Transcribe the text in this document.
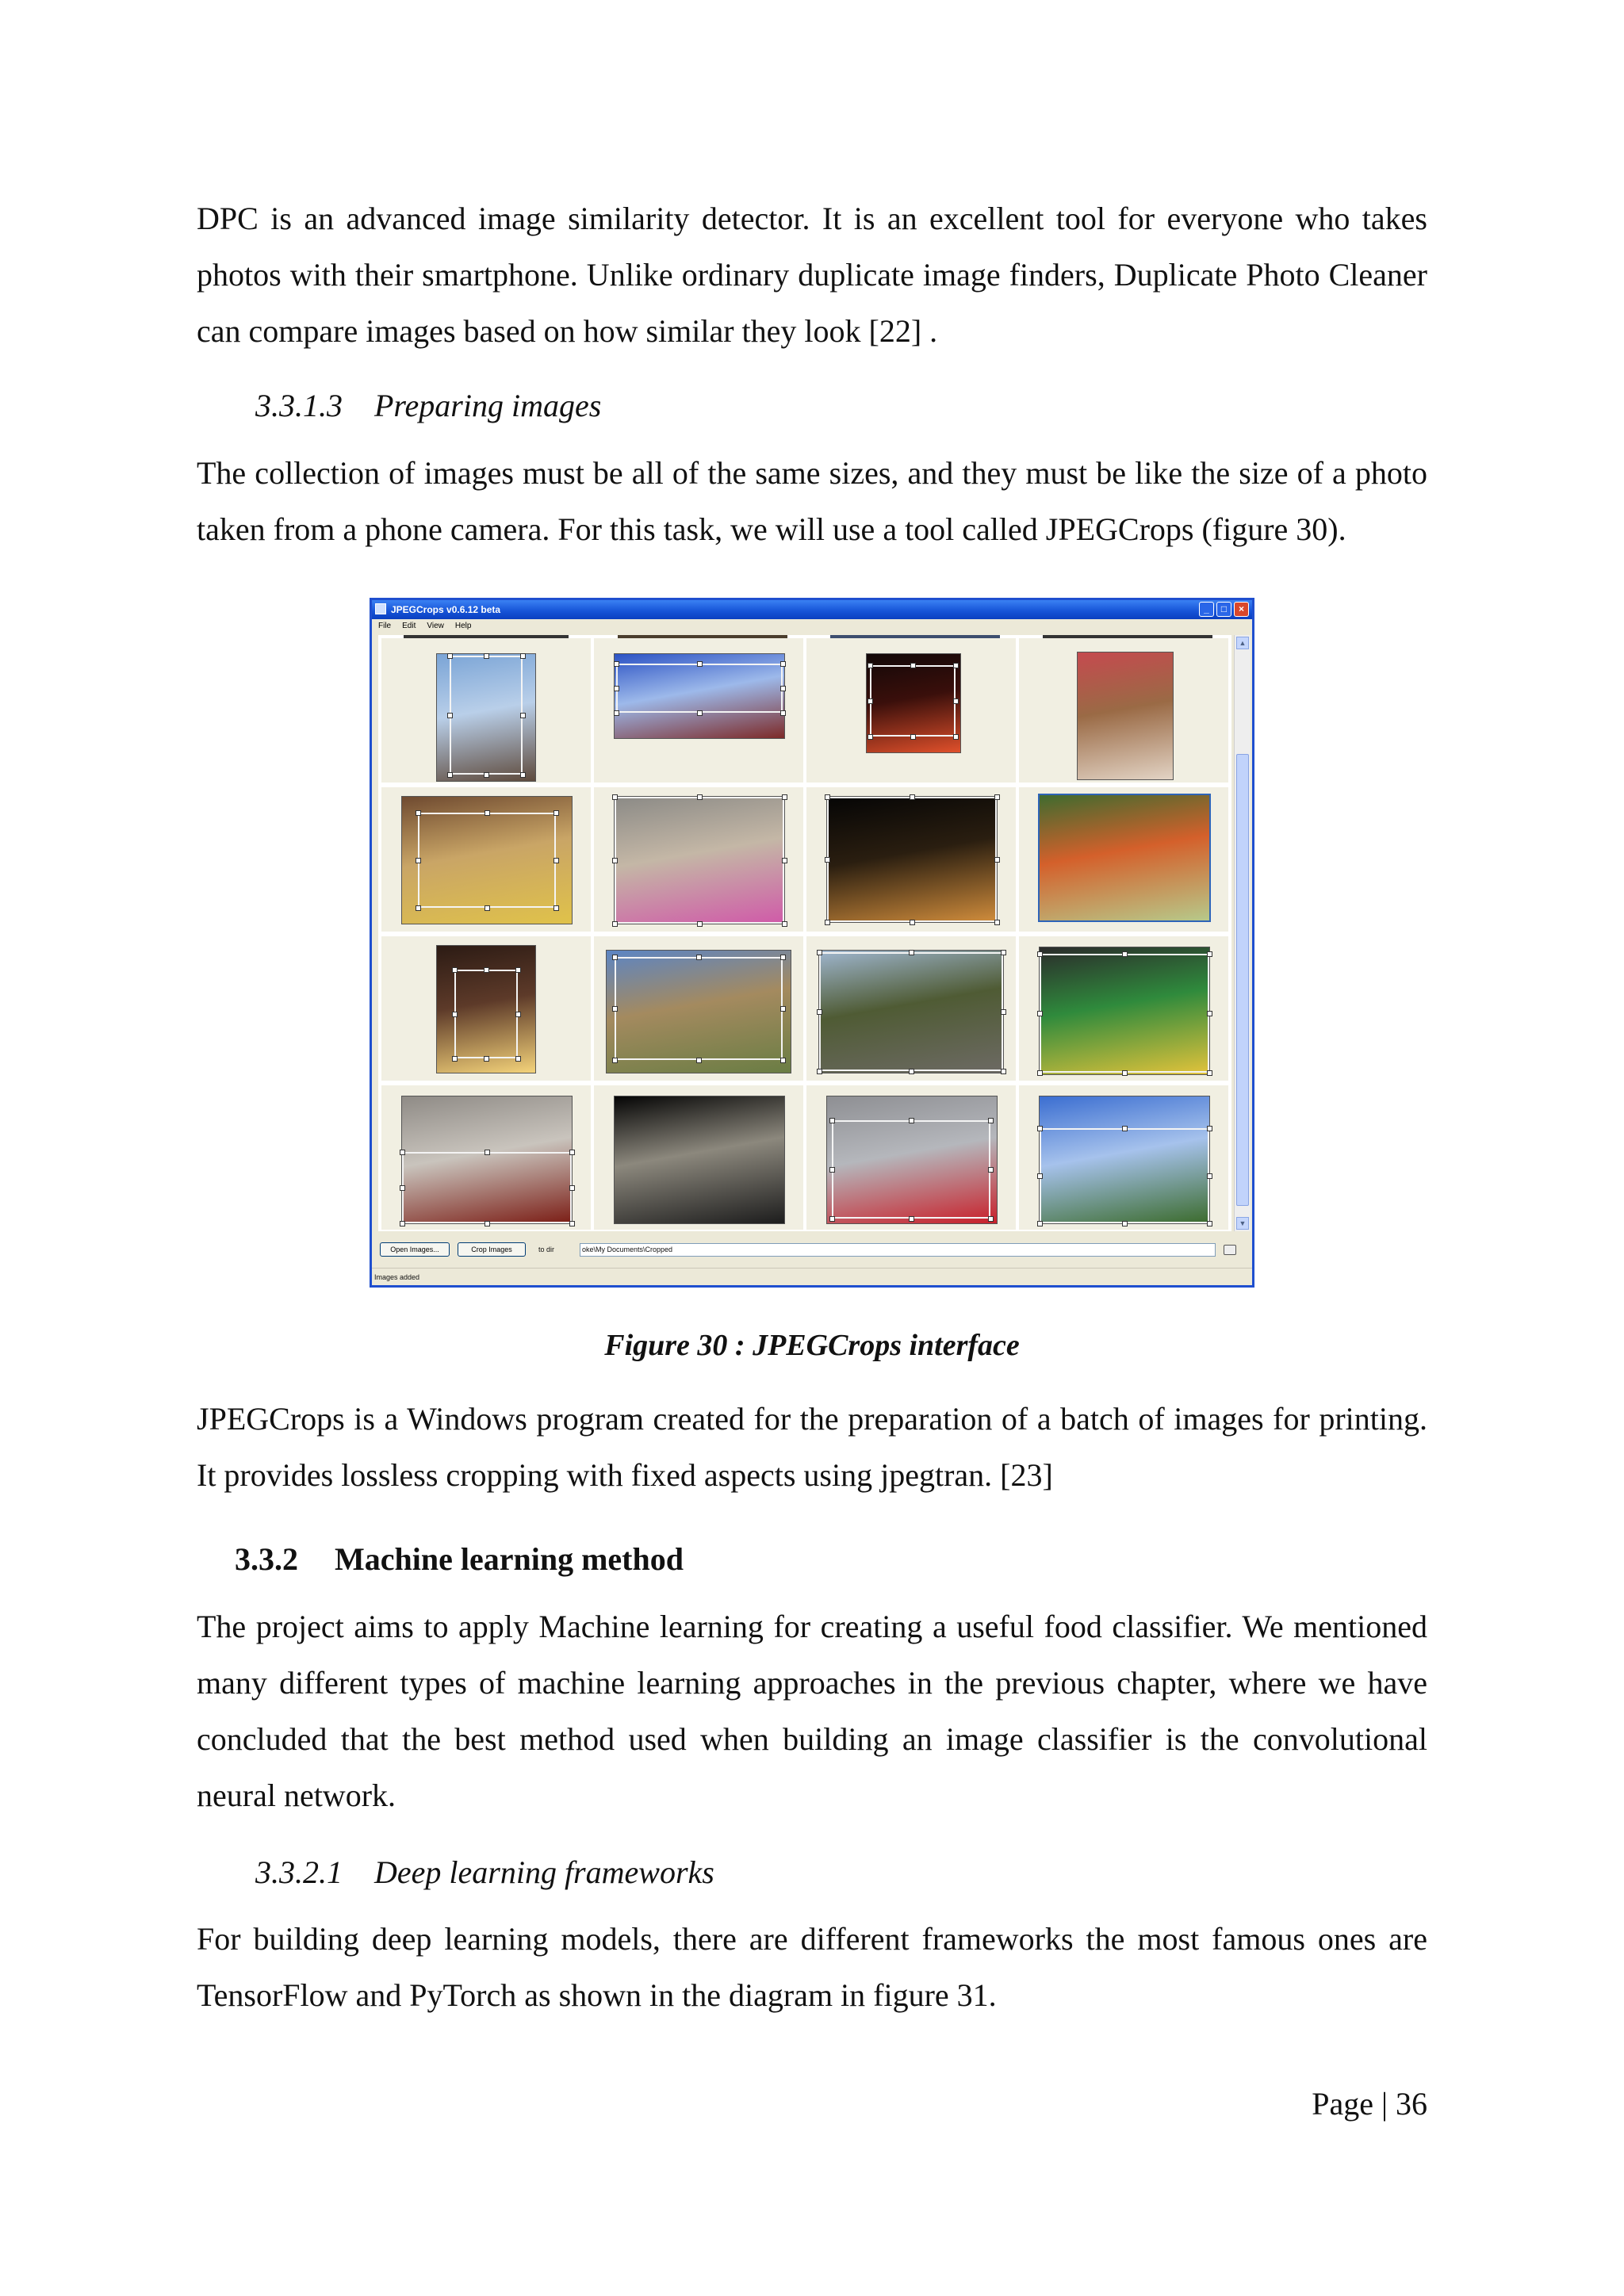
DPC is an advanced image similarity detector. It is an excellent tool for everyone who takes photos with their smartphone. Unlike ordinary duplicate image finders, Duplicate Photo Cleaner can compare images based on how similar they look [22] .

3.3.1.3 Preparing images

The collection of images must be all of the same sizes, and they must be like the size of a photo taken from a phone camera. For this task, we will use a tool called JPEGCrops (figure 30).

JPEGCrops v0.6.12 beta	_	□	×
File Edit View Help
▲
▼
Open Images...	Crop Images	to dir	oke\My Documents\Cropped
Images added
Figure 30 : JPEGCrops interface

JPEGCrops is a Windows program created for the preparation of a batch of images for printing. It provides lossless cropping with fixed aspects using jpegtran. [23]

3.3.2 Machine learning method

The project aims to apply Machine learning for creating a useful food classifier. We mentioned many different types of machine learning approaches in the previous chapter, where we have concluded that the best method used when building an image classifier is the convolutional neural network.

3.3.2.1 Deep learning frameworks

For building deep learning models, there are different frameworks the most famous ones are TensorFlow and PyTorch as shown in the diagram in figure 31.

Page | 36
